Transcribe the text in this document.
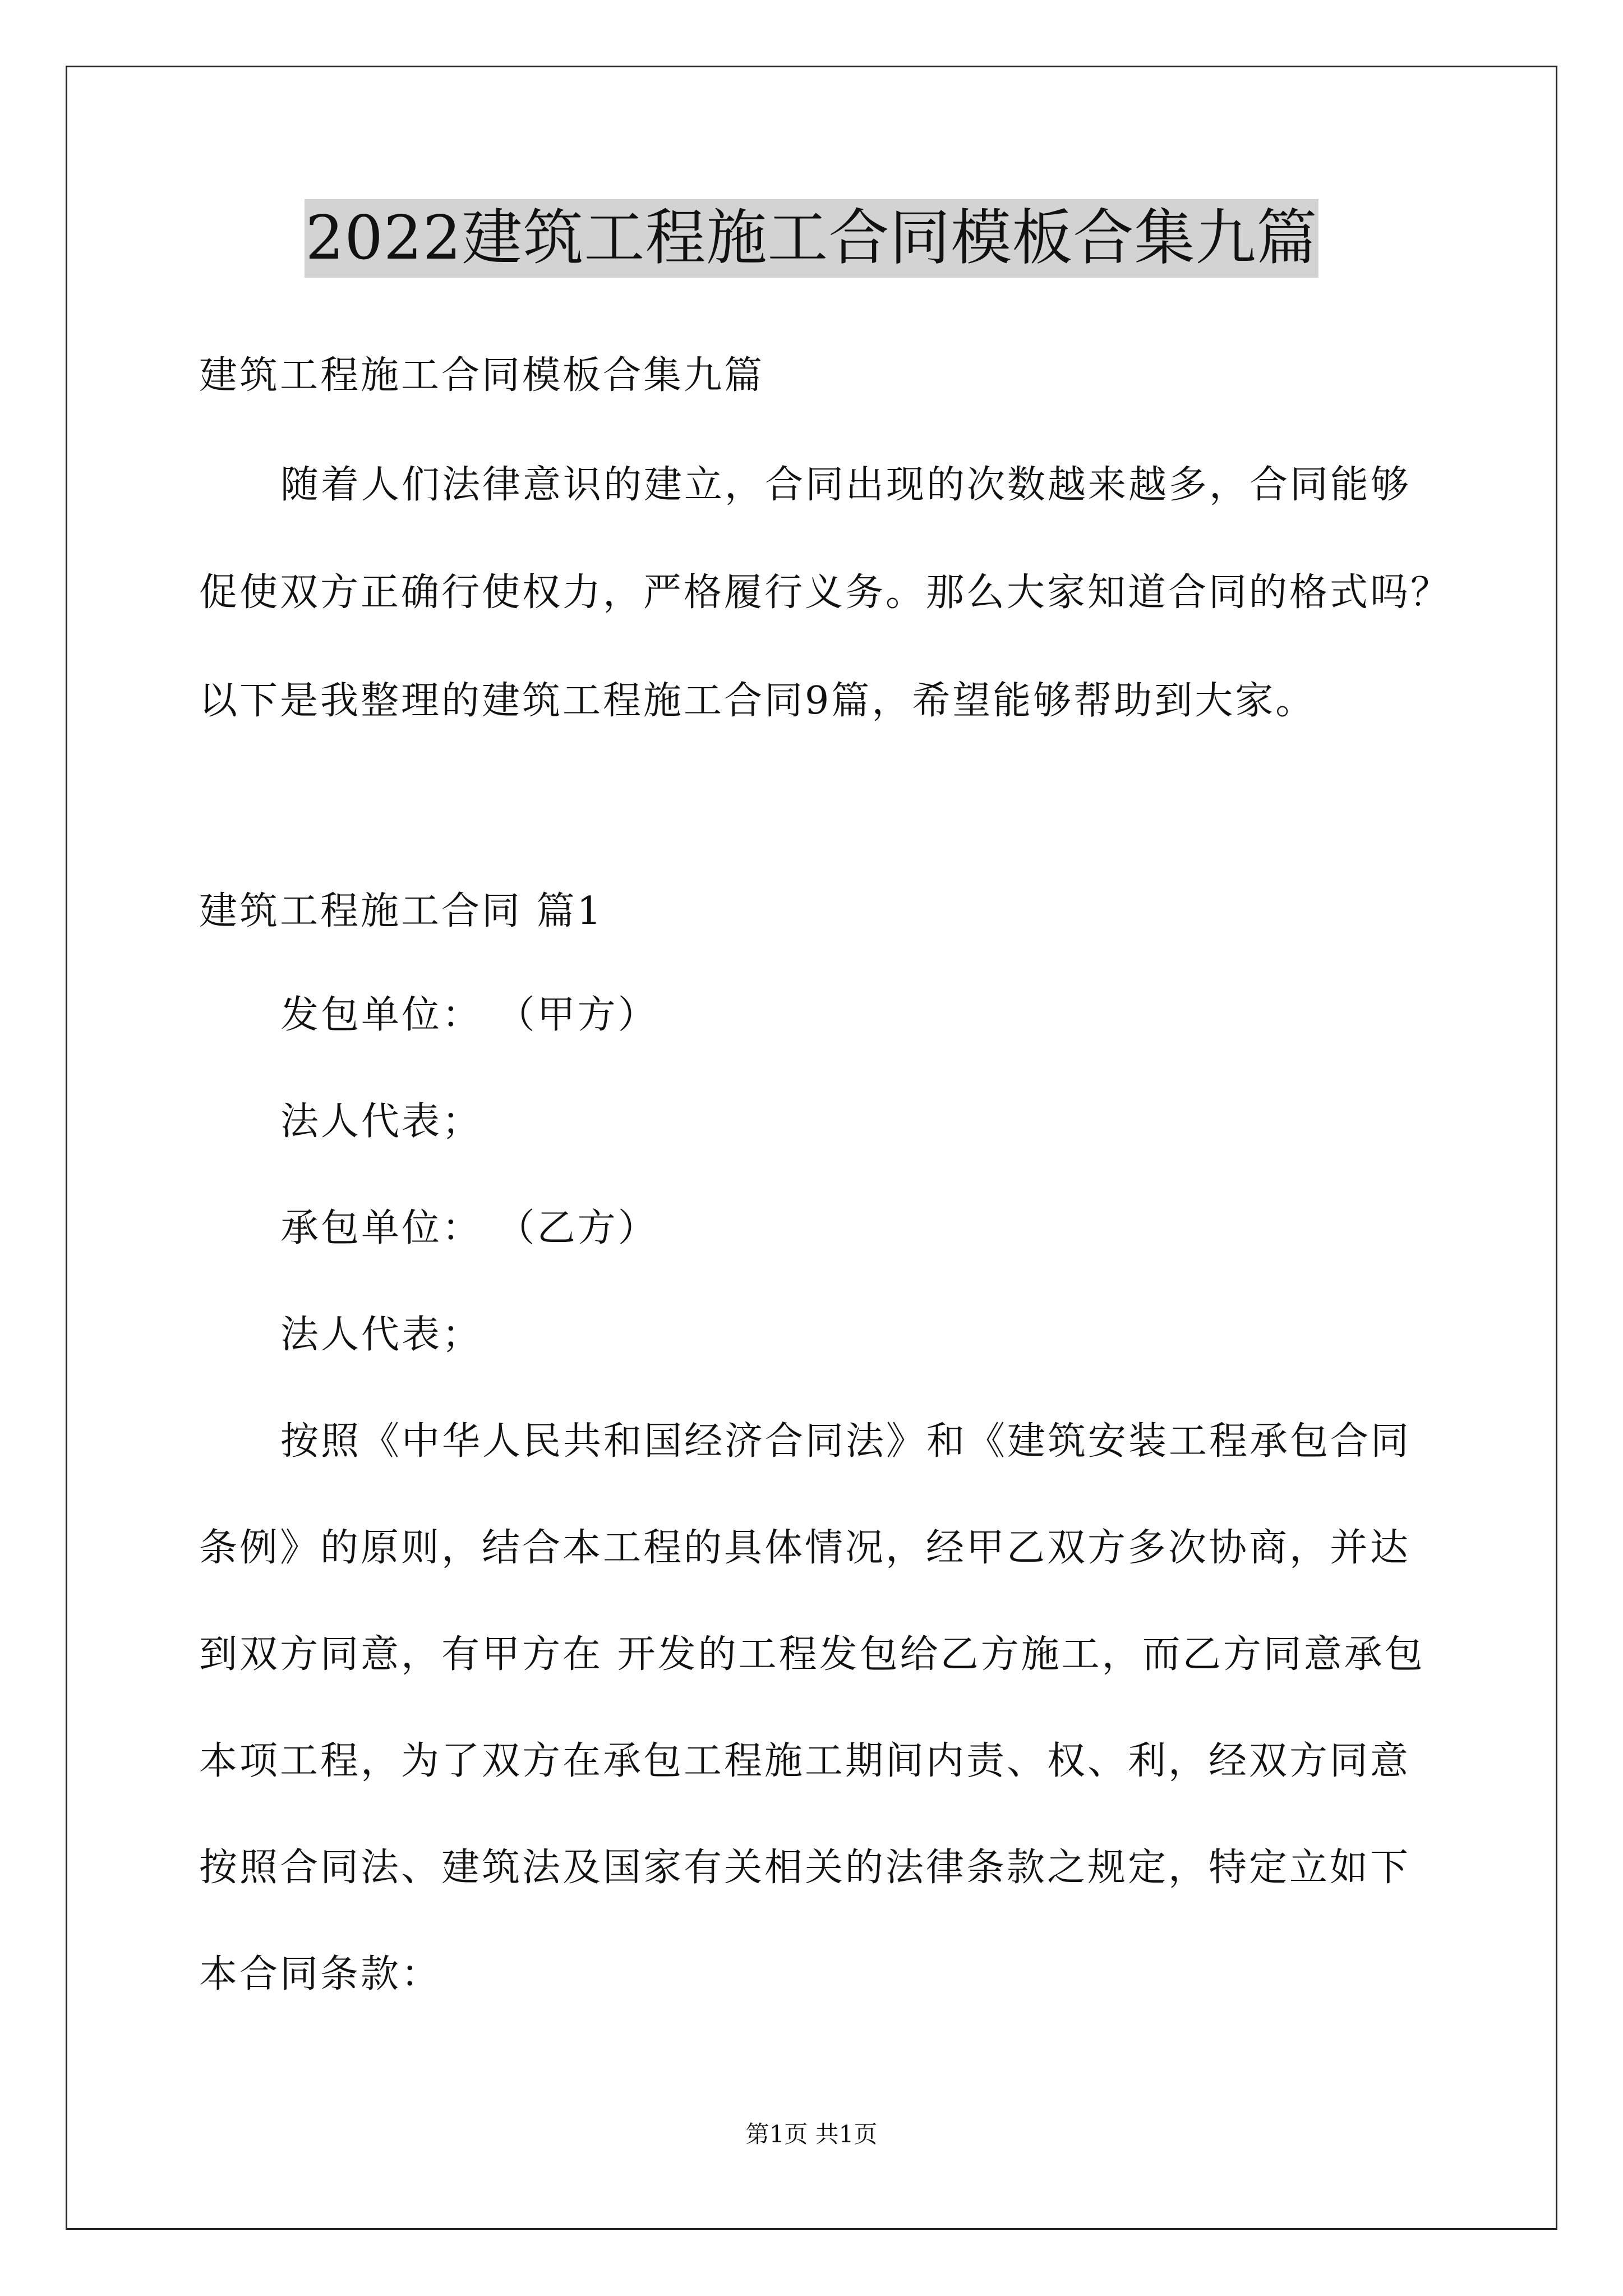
2022建筑工程施工合同模板合集九篇
建筑工程施工合同模板合集九篇
随着人们法律意识的建立，合同出现的次数越来越多，合同能够
促使双方正确行使权力，严格履行义务。那么大家知道合同的格式吗？
以下是我整理的建筑工程施工合同9篇，希望能够帮助到大家。
建筑工程施工合同 篇1
发包单位： （甲方）
法人代表；
承包单位： （乙方）
法人代表；
按照《中华人民共和国经济合同法》和《建筑安装工程承包合同
条例》的原则，结合本工程的具体情况，经甲乙双方多次协商，并达
到双方同意，有甲方在 开发的工程发包给乙方施工，而乙方同意承包
本项工程，为了双方在承包工程施工期间内责、权、利，经双方同意
按照合同法、建筑法及国家有关相关的法律条款之规定，特定立如下
本合同条款：
第1页 共1页
